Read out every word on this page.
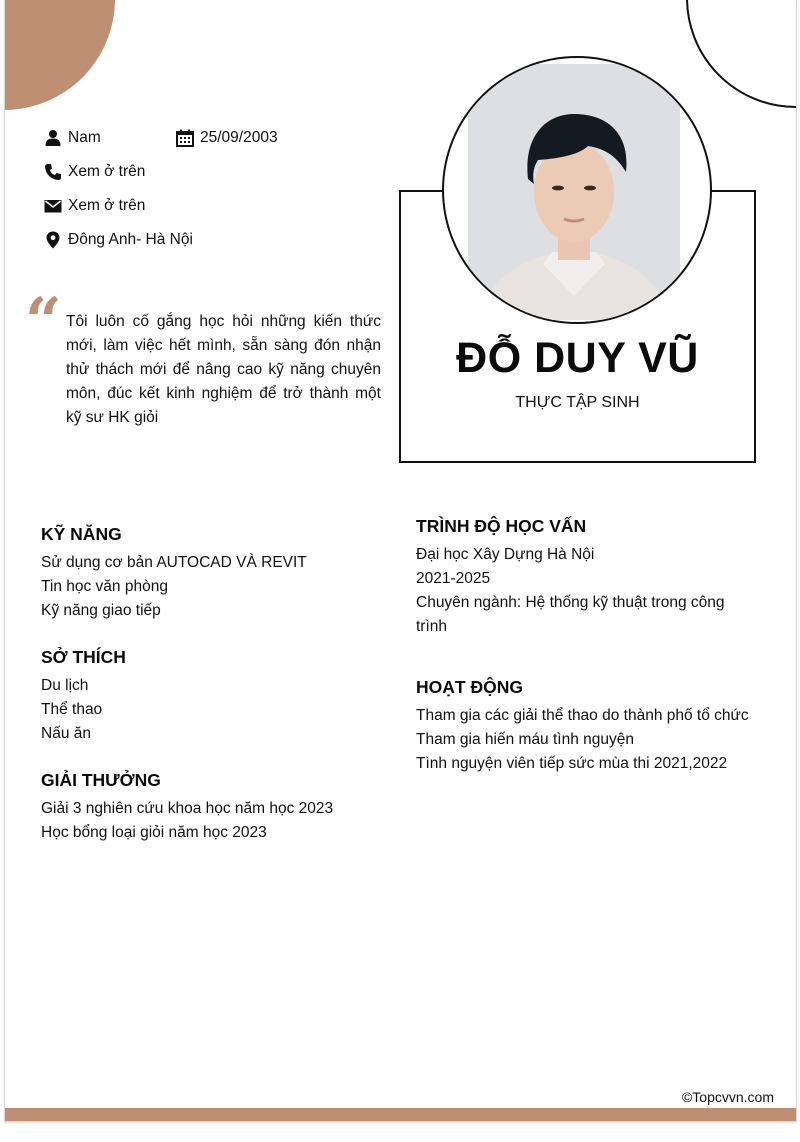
Nam	25/09/2003
Xem ở trên
Xem ở trên
Đông Anh- Hà Nội
“ Tôi luôn cố gắng học hỏi những kiến thức mới, làm việc hết mình, sẵn sàng đón nhận thử thách mới để nâng cao kỹ năng chuyên môn, đúc kết kinh nghiệm để trở thành một kỹ sư HK giỏi
ĐỖ DUY VŨ
THỰC TẬP SINH
KỸ NĂNG
Sử dụng cơ bản AUTOCAD VÀ REVIT
Tin học văn phòng
Kỹ năng giao tiếp
SỞ THÍCH
Du lịch
Thể thao
Nấu ăn
GIẢI THƯỞNG
Giải 3 nghiên cứu khoa học năm học 2023
Học bổng loại giỏi năm học 2023
TRÌNH ĐỘ HỌC VẤN
Đại học Xây Dựng Hà Nội
2021-2025
Chuyên ngành: Hệ thống kỹ thuật trong công trình
HOẠT ĐỘNG
Tham gia các giải thể thao do thành phố tổ chức
Tham gia hiến máu tình nguyện
Tình nguyện viên tiếp sức mùa thi 2021,2022
©Topcvvn.com
